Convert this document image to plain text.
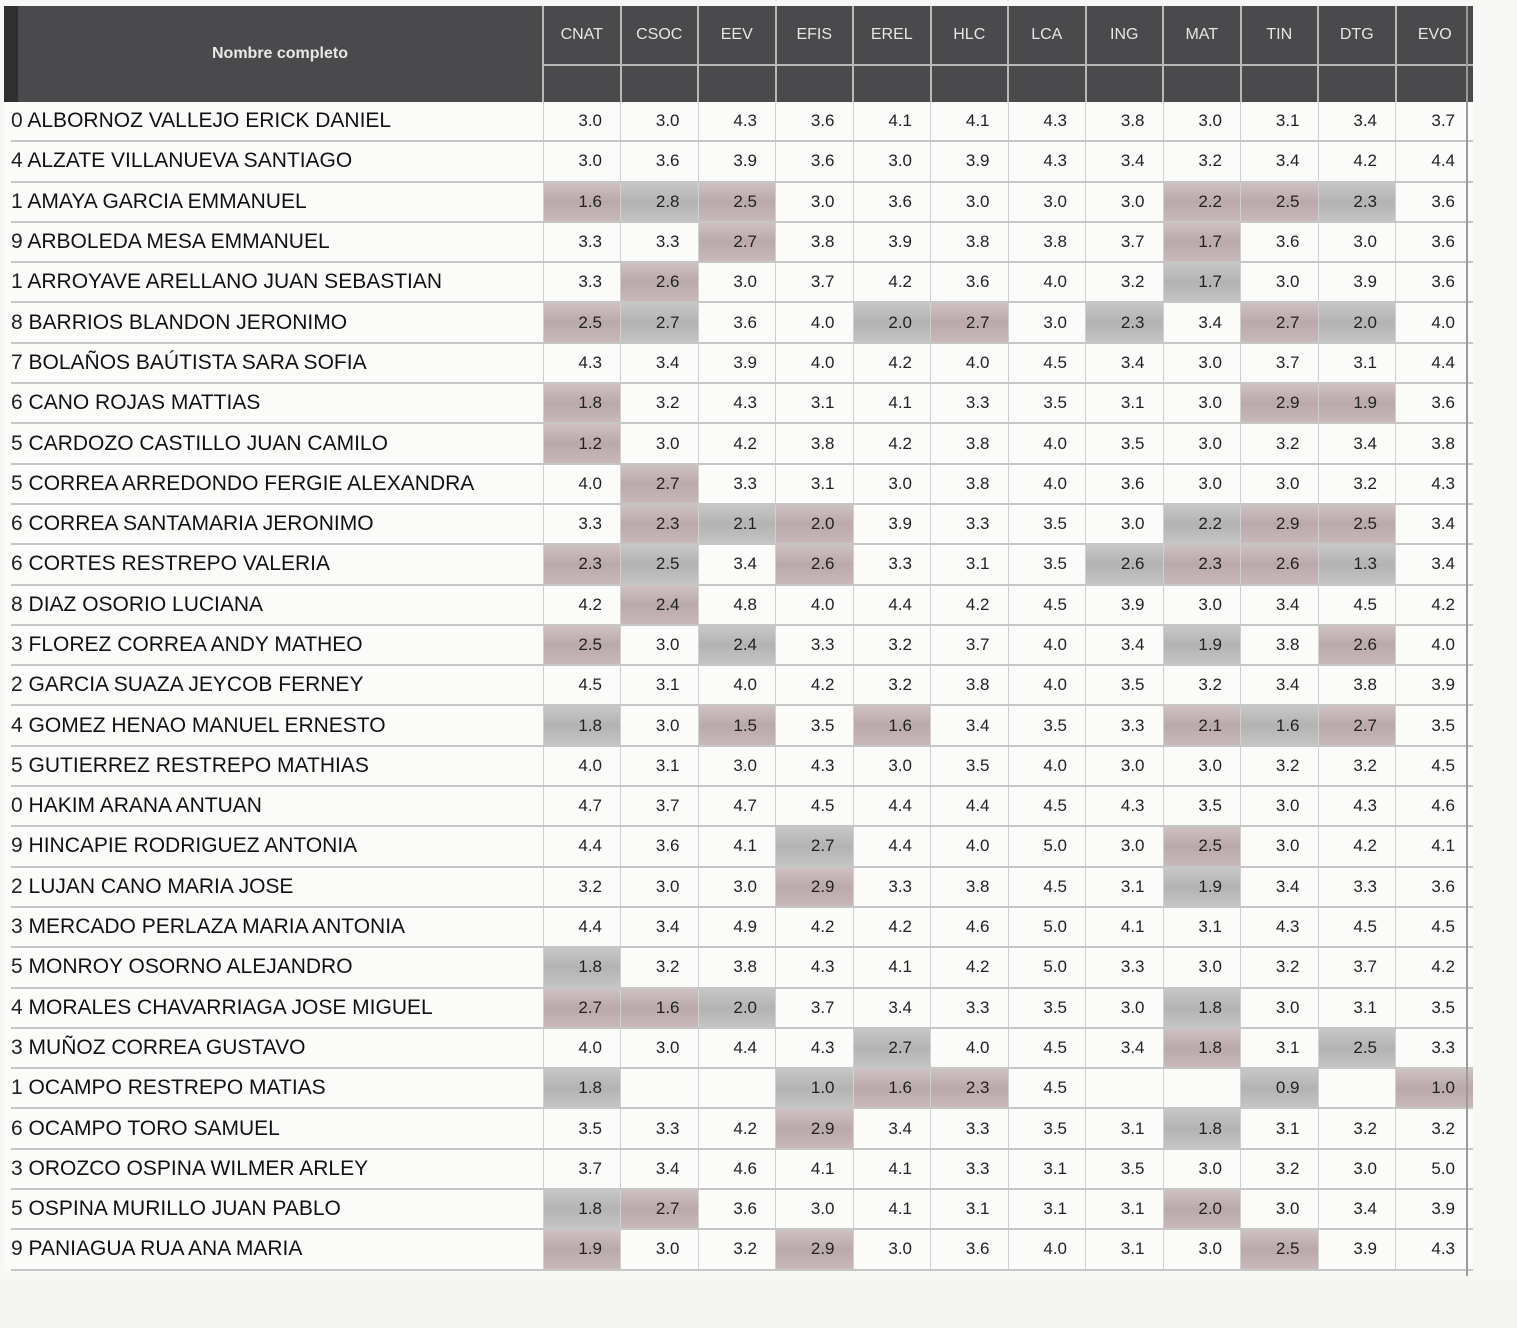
Nombre completo	CNAT	CSOC	EEV	EFIS	EREL	HLC	LCA	ING	MAT	TIN	DTG	EVO

0 ALBORNOZ VALLEJO ERICK DANIEL	3.0	3.0	4.3	3.6	4.1	4.1	4.3	3.8	3.0	3.1	3.4	3.7
4 ALZATE VILLANUEVA SANTIAGO	3.0	3.6	3.9	3.6	3.0	3.9	4.3	3.4	3.2	3.4	4.2	4.4
1 AMAYA GARCIA EMMANUEL	1.6	2.8	2.5	3.0	3.6	3.0	3.0	3.0	2.2	2.5	2.3	3.6
9 ARBOLEDA MESA EMMANUEL	3.3	3.3	2.7	3.8	3.9	3.8	3.8	3.7	1.7	3.6	3.0	3.6
1 ARROYAVE ARELLANO JUAN SEBASTIAN	3.3	2.6	3.0	3.7	4.2	3.6	4.0	3.2	1.7	3.0	3.9	3.6
8 BARRIOS BLANDON JERONIMO	2.5	2.7	3.6	4.0	2.0	2.7	3.0	2.3	3.4	2.7	2.0	4.0
7 BOLAÑOS BAÚTISTA SARA SOFIA	4.3	3.4	3.9	4.0	4.2	4.0	4.5	3.4	3.0	3.7	3.1	4.4
6 CANO ROJAS MATTIAS	1.8	3.2	4.3	3.1	4.1	3.3	3.5	3.1	3.0	2.9	1.9	3.6
5 CARDOZO CASTILLO JUAN CAMILO	1.2	3.0	4.2	3.8	4.2	3.8	4.0	3.5	3.0	3.2	3.4	3.8
5 CORREA ARREDONDO FERGIE ALEXANDRA	4.0	2.7	3.3	3.1	3.0	3.8	4.0	3.6	3.0	3.0	3.2	4.3
6 CORREA SANTAMARIA JERONIMO	3.3	2.3	2.1	2.0	3.9	3.3	3.5	3.0	2.2	2.9	2.5	3.4
6 CORTES RESTREPO VALERIA	2.3	2.5	3.4	2.6	3.3	3.1	3.5	2.6	2.3	2.6	1.3	3.4
8 DIAZ OSORIO LUCIANA	4.2	2.4	4.8	4.0	4.4	4.2	4.5	3.9	3.0	3.4	4.5	4.2
3 FLOREZ CORREA ANDY MATHEO	2.5	3.0	2.4	3.3	3.2	3.7	4.0	3.4	1.9	3.8	2.6	4.0
2 GARCIA SUAZA JEYCOB FERNEY	4.5	3.1	4.0	4.2	3.2	3.8	4.0	3.5	3.2	3.4	3.8	3.9
4 GOMEZ HENAO MANUEL ERNESTO	1.8	3.0	1.5	3.5	1.6	3.4	3.5	3.3	2.1	1.6	2.7	3.5
5 GUTIERREZ RESTREPO MATHIAS	4.0	3.1	3.0	4.3	3.0	3.5	4.0	3.0	3.0	3.2	3.2	4.5
0 HAKIM ARANA ANTUAN	4.7	3.7	4.7	4.5	4.4	4.4	4.5	4.3	3.5	3.0	4.3	4.6
9 HINCAPIE RODRIGUEZ ANTONIA	4.4	3.6	4.1	2.7	4.4	4.0	5.0	3.0	2.5	3.0	4.2	4.1
2 LUJAN CANO MARIA JOSE	3.2	3.0	3.0	2.9	3.3	3.8	4.5	3.1	1.9	3.4	3.3	3.6
3 MERCADO PERLAZA MARIA ANTONIA	4.4	3.4	4.9	4.2	4.2	4.6	5.0	4.1	3.1	4.3	4.5	4.5
5 MONROY OSORNO ALEJANDRO	1.8	3.2	3.8	4.3	4.1	4.2	5.0	3.3	3.0	3.2	3.7	4.2
4 MORALES CHAVARRIAGA JOSE MIGUEL	2.7	1.6	2.0	3.7	3.4	3.3	3.5	3.0	1.8	3.0	3.1	3.5
3 MUÑOZ CORREA GUSTAVO	4.0	3.0	4.4	4.3	2.7	4.0	4.5	3.4	1.8	3.1	2.5	3.3
1 OCAMPO RESTREPO MATIAS	1.8			1.0	1.6	2.3	4.5			0.9		1.0
6 OCAMPO TORO SAMUEL	3.5	3.3	4.2	2.9	3.4	3.3	3.5	3.1	1.8	3.1	3.2	3.2
3 OROZCO OSPINA WILMER ARLEY	3.7	3.4	4.6	4.1	4.1	3.3	3.1	3.5	3.0	3.2	3.0	5.0
5 OSPINA MURILLO JUAN PABLO	1.8	2.7	3.6	3.0	4.1	3.1	3.1	3.1	2.0	3.0	3.4	3.9
9 PANIAGUA RUA ANA MARIA	1.9	3.0	3.2	2.9	3.0	3.6	4.0	3.1	3.0	2.5	3.9	4.3
